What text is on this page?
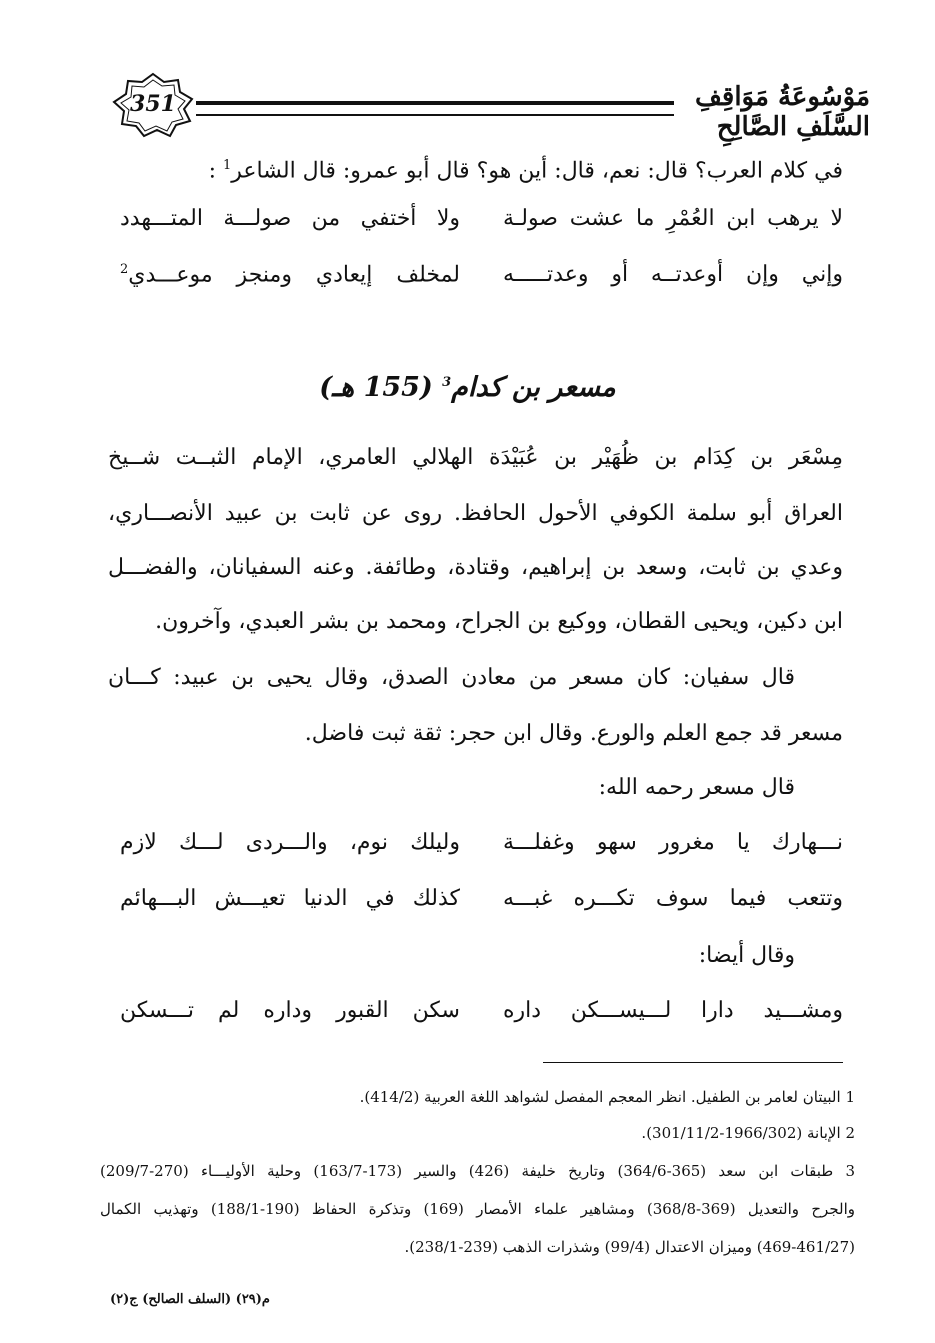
351	مَوْسُوعَةُ مَوَاقِفِ السَّلَفِ الصَّالِحِ
في كلام العرب؟ قال: نعم، قال: أين هو؟ قال أبو عمرو: قال الشاعر$^1$ :
لا يرهب ابن العُمْرِ ما عشت صولـة
ولا أختفي من صولـــة المتـــهدد
وإني وإن أوعدتــه أو وعدتـــــه
لمخلف إيعادي ومنجز موعـــدي$^2$
مسعر بن كدام$^3$ (155 هـ)
مِسْعَر بن كِدَام بن ظُهَيْر بن عُبَيْدَة الهلالي العامري، الإمام الثبــت شــيخ
العراق أبو سلمة الكوفي الأحول الحافظ. روى عن ثابت بن عبيد الأنصـــاري،
وعدي بن ثابت، وسعد بن إبراهيم، وقتادة، وطائفة. وعنه السفيانان، والفضـــل
ابن دكين، ويحيى القطان، ووكيع بن الجراح، ومحمد بن بشر العبدي، وآخرون.
قال سفيان: كان مسعر من معادن الصدق، وقال يحيى بن عبيد: كـــان
مسعر قد جمع العلم والورع. وقال ابن حجر: ثقة ثبت فاضل.
قال مسعر رحمه الله:
نـــهارك يا مغرور سهو وغفلـــة
وليلك نوم، والـــردى لـــك لازم
وتتعب فيما سوف تكـــره غبـــه
كذلك في الدنيا تعيـــش البـــهائم
وقال أيضا:
ومشـــيد دارا لـــيســـكن داره
سكن القبور وداره لم تـــسكن
1 البيتان لعامر بن الطفيل. انظر المعجم المفصل لشواهد اللغة العربية (414/2).
2 الإبانة (1966/302-301/11/2).
3 طبقات ابن سعد (365-364/6) وتاريخ خليفة (426) والسير (173-163/7) وحلية الأوليـــاء (270-209/7)
والجرح والتعديل (369-368/8) ومشاهير علماء الأمصار (169) وتذكرة الحفاظ (190-188/1) وتهذيب الكمال
(469-461/27) وميزان الاعتدال (99/4) وشذرات الذهب (239-238/1).
م(٢٩) (السلف الصالح) ج(٢)
